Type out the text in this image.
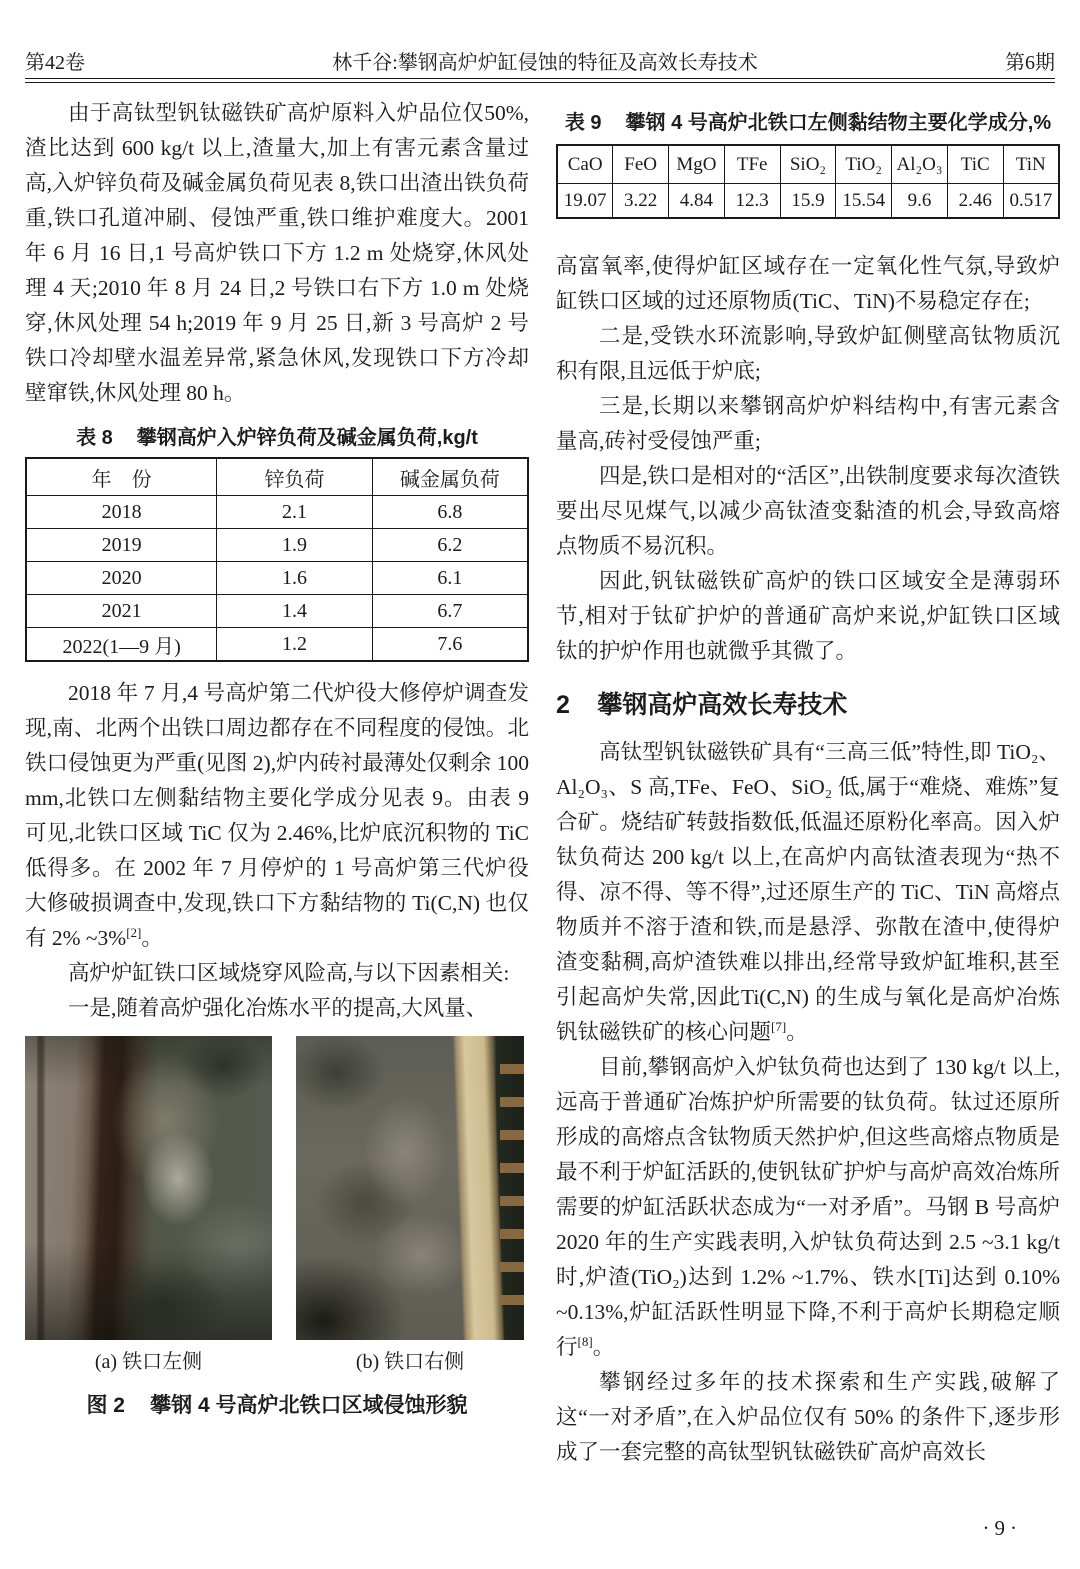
第42卷	林千谷:攀钢高炉炉缸侵蚀的特征及高效长寿技术	第6期

由于高钛型钒钛磁铁矿高炉原料入炉品位仅50%,渣比达到 600 kg/t 以上,渣量大,加上有害元素含量过高,入炉锌负荷及碱金属负荷见表 8,铁口出渣出铁负荷重,铁口孔道冲刷、侵蚀严重,铁口维护难度大。2001 年 6 月 16 日,1 号高炉铁口下方 1.2 m 处烧穿,休风处理 4 天;2010 年 8 月 24 日,2 号铁口右下方 1.0 m 处烧穿,休风处理 54 h;2019 年 9 月 25 日,新 3 号高炉 2 号铁口冷却壁水温差异常,紧急休风,发现铁口下方冷却壁窜铁,休风处理 80 h。

表 8 攀钢高炉入炉锌负荷及碱金属负荷,kg/t
年　份	锌负荷	碱金属负荷
2018	2.1	6.8
2019	1.9	6.2
2020	1.6	6.1
2021	1.4	6.7
2022(1—9 月)	1.2	7.6

2018 年 7 月,4 号高炉第二代炉役大修停炉调查发现,南、北两个出铁口周边都存在不同程度的侵蚀。北铁口侵蚀更为严重(见图 2),炉内砖衬最薄处仅剩余 100 mm,北铁口左侧黏结物主要化学成分见表 9。由表 9 可见,北铁口区域 TiC 仅为 2.46%,比炉底沉积物的 TiC 低得多。在 2002 年 7 月停炉的 1 号高炉第三代炉役大修破损调查中,发现,铁口下方黏结物的 Ti(C,N) 也仅有 2% ~3%[2]。

高炉炉缸铁口区域烧穿风险高,与以下因素相关:

一是,随着高炉强化冶炼水平的提高,大风量、

(a) 铁口左侧	(b) 铁口右侧
图 2 攀钢 4 号高炉北铁口区域侵蚀形貌
表 9 攀钢 4 号高炉北铁口左侧黏结物主要化学成分,%
CaO	FeO	MgO	TFe	SiO₂	TiO₂	Al₂O₃	TiC	TiN
19.07	3.22	4.84	12.3	15.9	15.54	9.6	2.46	0.517

高富氧率,使得炉缸区域存在一定氧化性气氛,导致炉缸铁口区域的过还原物质(TiC、TiN)不易稳定存在;

二是,受铁水环流影响,导致炉缸侧壁高钛物质沉积有限,且远低于炉底;

三是,长期以来攀钢高炉炉料结构中,有害元素含量高,砖衬受侵蚀严重;

四是,铁口是相对的“活区”,出铁制度要求每次渣铁要出尽见煤气,以减少高钛渣变黏渣的机会,导致高熔点物质不易沉积。

因此,钒钛磁铁矿高炉的铁口区域安全是薄弱环节,相对于钛矿护炉的普通矿高炉来说,炉缸铁口区域钛的护炉作用也就微乎其微了。

2 攀钢高炉高效长寿技术

高钛型钒钛磁铁矿具有“三高三低”特性,即 TiO₂、Al₂O₃、S 高,TFe、FeO、SiO₂ 低,属于“难烧、难炼”复合矿。烧结矿转鼓指数低,低温还原粉化率高。因入炉钛负荷达 200 kg/t 以上,在高炉内高钛渣表现为“热不得、凉不得、等不得”,过还原生产的 TiC、TiN 高熔点物质并不溶于渣和铁,而是悬浮、弥散在渣中,使得炉渣变黏稠,高炉渣铁难以排出,经常导致炉缸堆积,甚至引起高炉失常,因此Ti(C,N) 的生成与氧化是高炉冶炼钒钛磁铁矿的核心问题[7]。

目前,攀钢高炉入炉钛负荷也达到了 130 kg/t 以上,远高于普通矿冶炼护炉所需要的钛负荷。钛过还原所形成的高熔点含钛物质天然护炉,但这些高熔点物质是最不利于炉缸活跃的,使钒钛矿护炉与高炉高效冶炼所需要的炉缸活跃状态成为“一对矛盾”。马钢 B 号高炉 2020 年的生产实践表明,入炉钛负荷达到 2.5 ~3.1 kg/t 时,炉渣(TiO₂)达到 1.2% ~1.7%、铁水[Ti]达到 0.10% ~0.13%,炉缸活跃性明显下降,不利于高炉长期稳定顺行[8]。

攀钢经过多年的技术探索和生产实践,破解了这“一对矛盾”,在入炉品位仅有 50% 的条件下,逐步形成了一套完整的高钛型钒钛磁铁矿高炉高效长

·9·
